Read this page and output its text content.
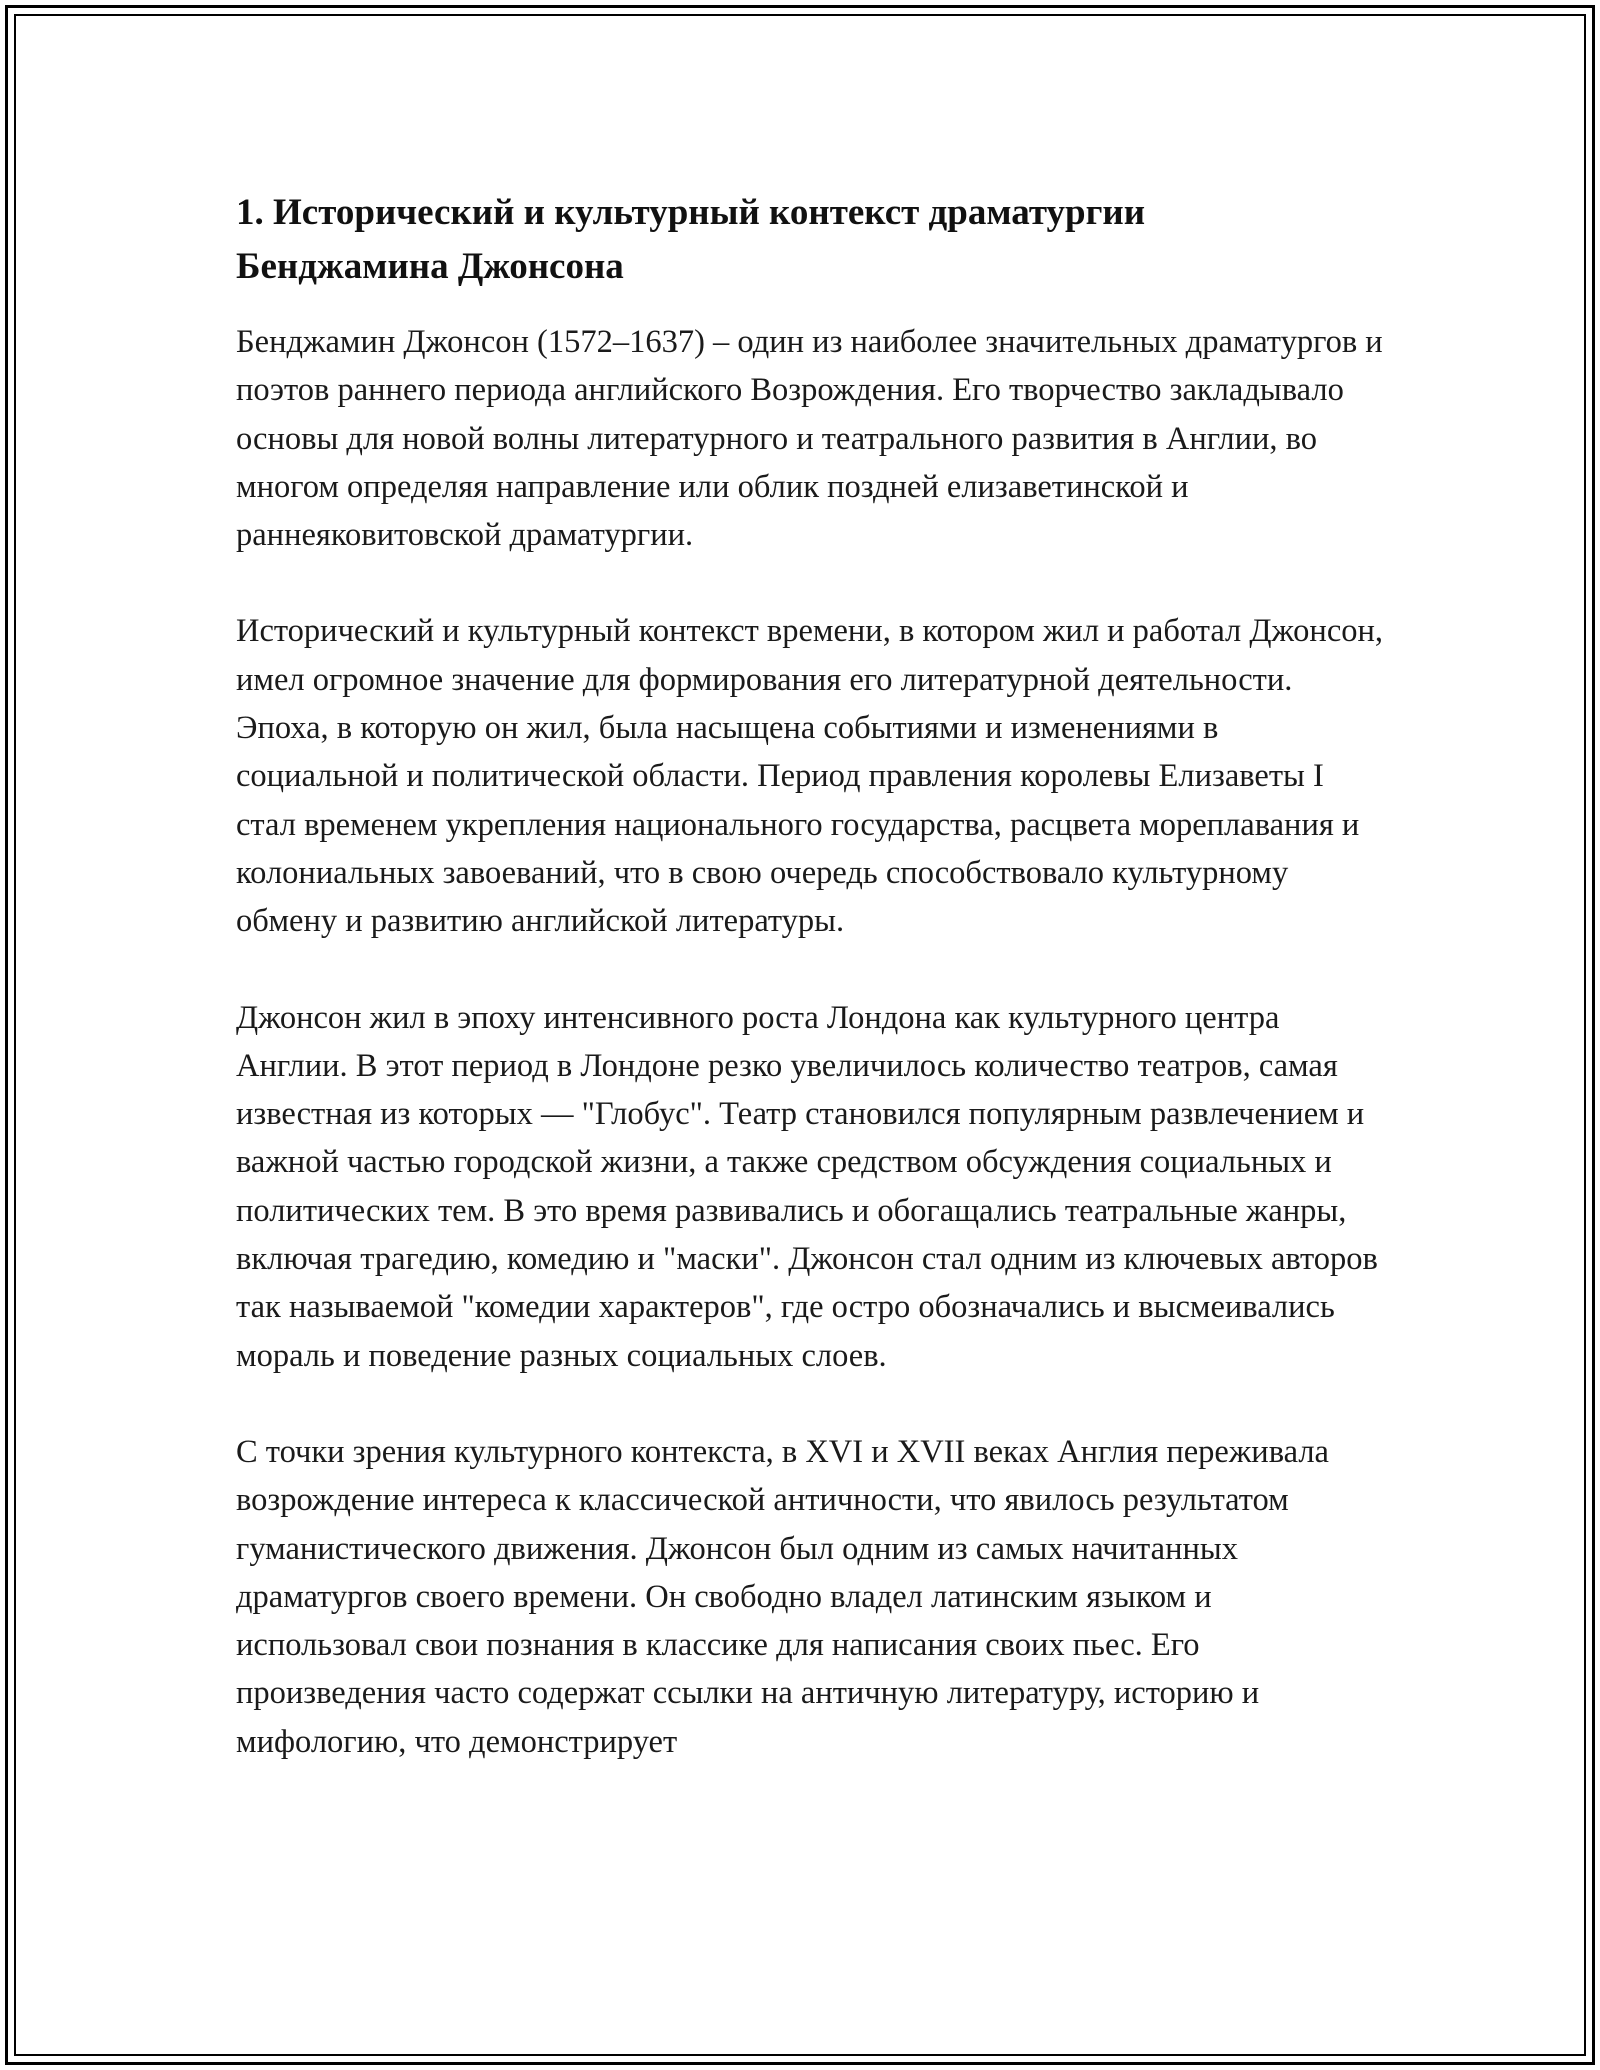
1. Исторический и культурный контекст драматургии
Бенджамина Джонсона

Бенджамин Джонсон (1572–1637) – один из наиболее значительных драматургов и поэтов раннего периода английского Возрождения. Его творчество закладывало основы для новой волны литературного и театрального развития в Англии, во многом определяя направление или облик поздней елизаветинской и раннеяковитовской драматургии.

Исторический и культурный контекст времени, в котором жил и работал Джонсон, имел огромное значение для формирования его литературной деятельности. Эпоха, в которую он жил, была насыщена событиями и изменениями в социальной и политической области. Период правления королевы Елизаветы I стал временем укрепления национального государства, расцвета мореплавания и колониальных завоеваний, что в свою очередь способствовало культурному обмену и развитию английской литературы.

Джонсон жил в эпоху интенсивного роста Лондона как культурного центра Англии. В этот период в Лондоне резко увеличилось количество театров, самая известная из которых — "Глобус". Театр становился популярным развлечением и важной частью городской жизни, а также средством обсуждения социальных и политических тем. В это время развивались и обогащались театральные жанры, включая трагедию, комедию и "маски". Джонсон стал одним из ключевых авторов так называемой "комедии характеров", где остро обозначались и высмеивались мораль и поведение разных социальных слоев.

С точки зрения культурного контекста, в XVI и XVII веках Англия переживала возрождение интереса к классической античности, что явилось результатом гуманистического движения. Джонсон был одним из самых начитанных драматургов своего времени. Он свободно владел латинским языком и использовал свои познания в классике для написания своих пьес. Его произведения часто содержат ссылки на античную литературу, историю и мифологию, что демонстрирует
